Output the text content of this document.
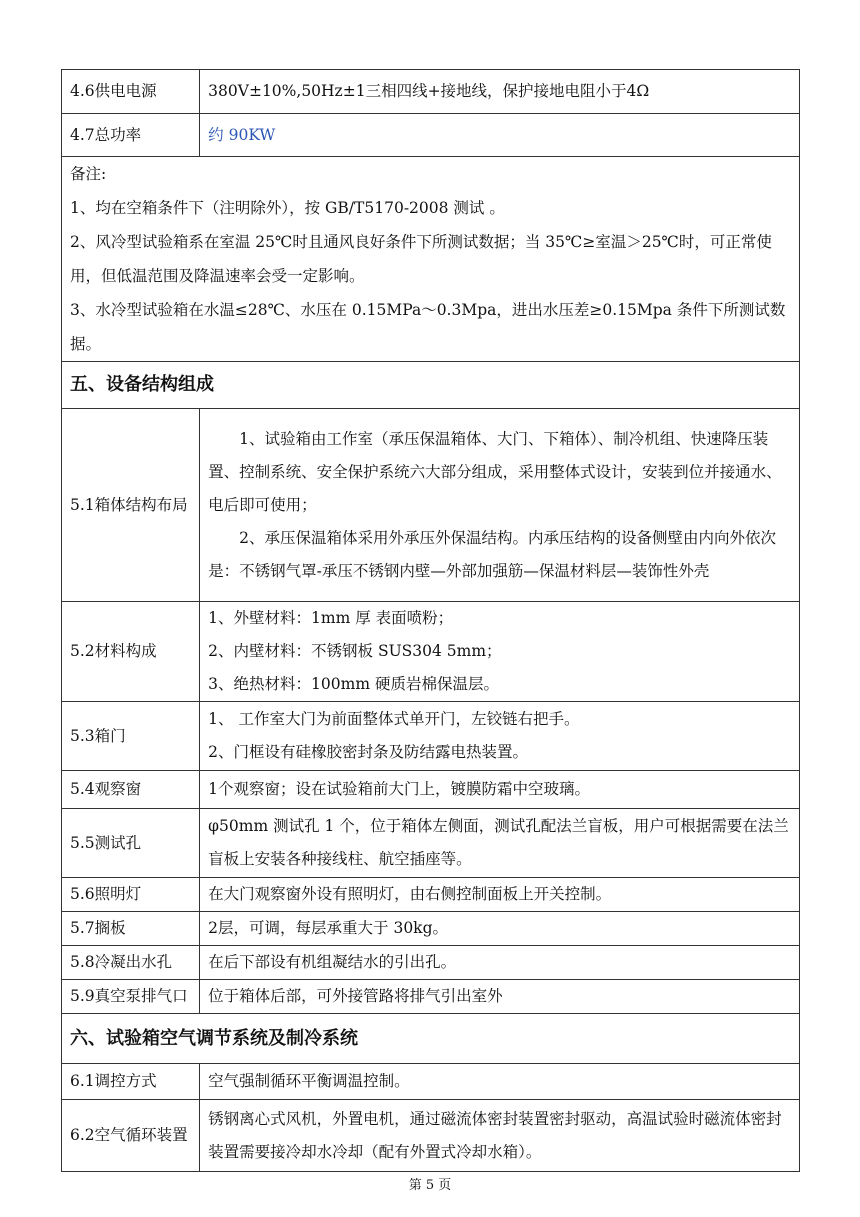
4.6供电电源	380V±10%,50Hz±1三相四线+接地线，保护接地电阻小于4Ω
4.7总功率	约 90KW

备注:

1、均在空箱条件下（注明除外），按 GB/T5170-2008 测试 。

2、风冷型试验箱系在室温 25℃时且通风良好条件下所测试数据；当 35℃≥室温＞25℃时，可正常使用，但低温范围及降温速率会受一定影响。

3、水冷型试验箱在水温≤28℃、水压在 0.15MPa～0.3Mpa，进出水压差≥0.15Mpa 条件下所测试数据。	

五、设备结构组成	
5.1箱体结构布局	1、试验箱由工作室（承压保温箱体、大门、下箱体）、制冷机组、快速降压装置、控制系统、安全保护系统六大部分组成，采用整体式设计，安装到位并接通水、电后即可使用；

2、承压保温箱体采用外承压外保温结构。内承压结构的设备侧壁由内向外依次是：不锈钢气罩-承压不锈钢内壁—外部加强筋—保温材料层—装饰性外壳

5.2材料构成	1、外壁材料：1mm 厚 表面喷粉；

2、内壁材料：不锈钢板 SUS304 5mm；

3、绝热材料：100mm 硬质岩棉保温层。

5.3箱门	1、 工作室大门为前面整体式单开门，左铰链右把手。

2、门框设有硅橡胶密封条及防结露电热装置。

5.4观察窗	1个观察窗；设在试验箱前大门上，镀膜防霜中空玻璃。

5.5测试孔	φ50mm 测试孔 1 个，位于箱体左侧面，测试孔配法兰盲板，用户可根据需要在法兰盲板上安装各种接线柱、航空插座等。

5.6照明灯	在大门观察窗外设有照明灯，由右侧控制面板上开关控制。

5.7搁板	2层，可调，每层承重大于 30kg。

5.8冷凝出水孔	在后下部设有机组凝结水的引出孔。

5.9真空泵排气口	位于箱体后部，可外接管路将排气引出室外

六、试验箱空气调节系统及制冷系统	
6.1调控方式	空气强制循环平衡调温控制。

6.2空气循环装置	锈钢离心式风机，外置电机，通过磁流体密封装置密封驱动，高温试验时磁流体密封装置需要接冷却水冷却（配有外置式冷却水箱）。

第 5 页
